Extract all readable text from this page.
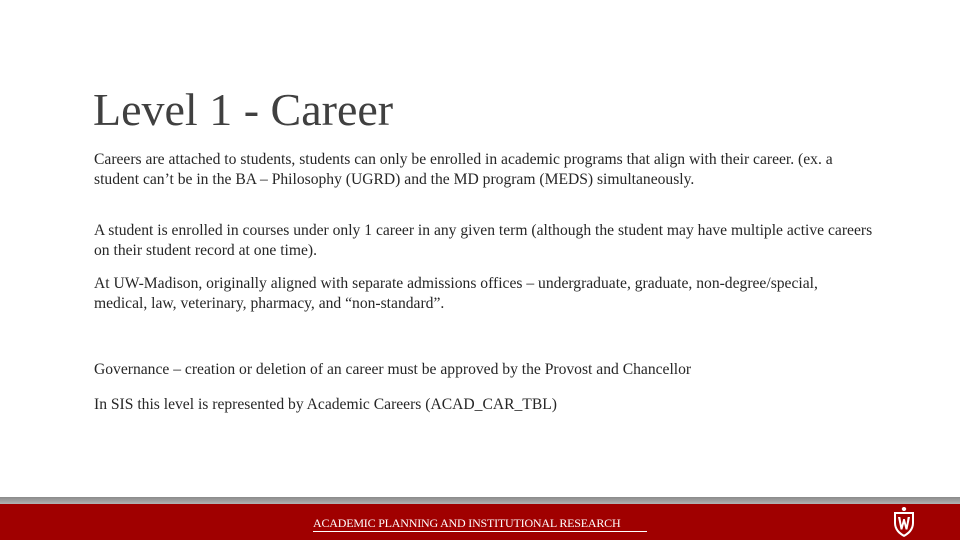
Level 1 - Career

Careers are attached to students, students can only be enrolled in academic programs that align with their career. (ex. a student can’t be in the BA – Philosophy (UGRD) and the MD program (MEDS) simultaneously.

A student is enrolled in courses under only 1 career in any given term (although the student may have multiple active careers on their student record at one time).

At UW-Madison, originally aligned with separate admissions offices – undergraduate, graduate, non-degree/special, medical, law, veterinary, pharmacy, and “non-standard”.

Governance – creation or deletion of an career must be approved by the Provost and Chancellor

In SIS this level is represented by Academic Careers (ACAD_CAR_TBL)

ACADEMIC PLANNING AND INSTITUTIONAL RESEARCH
